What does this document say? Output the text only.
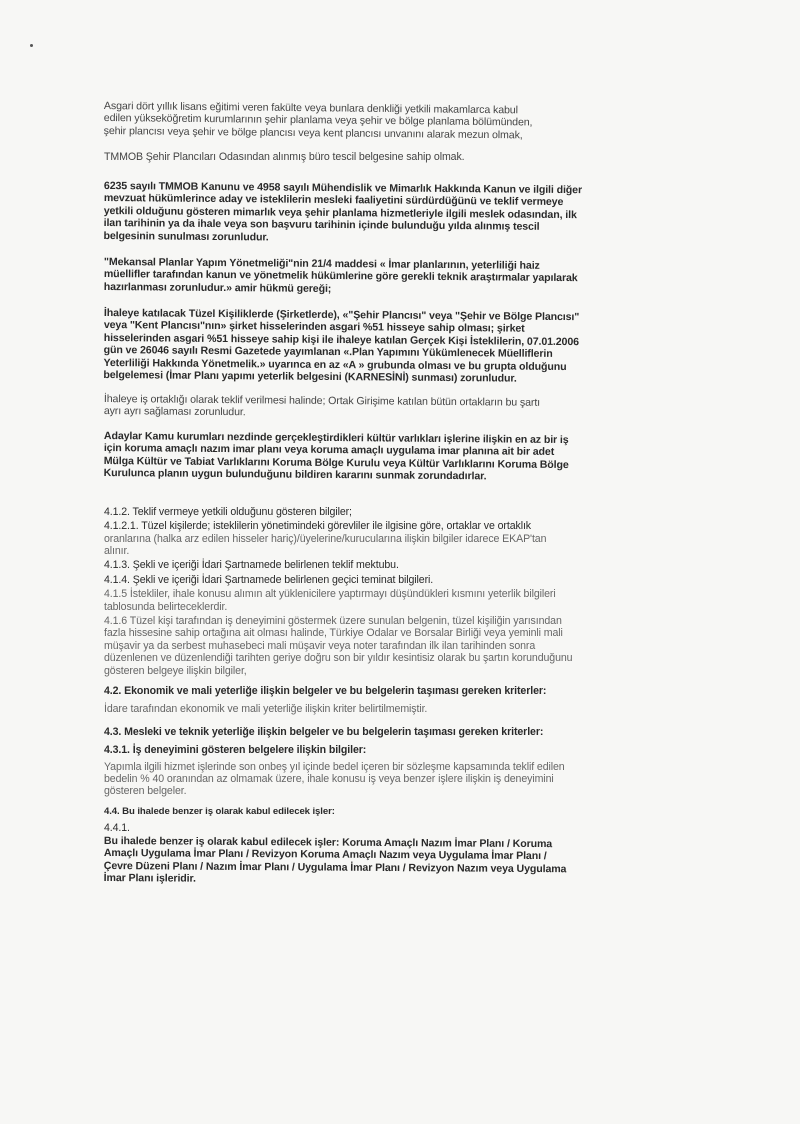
Asgari dört yıllık lisans eğitimi veren fakülte veya bunlara denkliği yetkili makamlarca kabul
edilen yükseköğretim kurumlarının şehir planlama veya şehir ve bölge planlama bölümünden,
şehir plancısı veya şehir ve bölge plancısı veya kent plancısı unvanını alarak mezun olmak,
TMMOB Şehir Plancıları Odasından alınmış büro tescil belgesine sahip olmak.
6235 sayılı TMMOB Kanunu ve 4958 sayılı Mühendislik ve Mimarlık Hakkında Kanun ve ilgili diğer
mevzuat hükümlerince aday ve isteklilerin mesleki faaliyetini sürdürdüğünü ve teklif vermeye
yetkili olduğunu gösteren mimarlık veya şehir planlama hizmetleriyle ilgili meslek odasından, ilk
ilan tarihinin ya da ihale veya son başvuru tarihinin içinde bulunduğu yılda alınmış tescil
belgesinin sunulması zorunludur.
"Mekansal Planlar Yapım Yönetmeliği"nin 21/4 maddesi « İmar planlarının, yeterliliği haiz
müellifler tarafından kanun ve yönetmelik hükümlerine göre gerekli teknik araştırmalar yapılarak
hazırlanması zorunludur.» amir hükmü gereği;
İhaleye katılacak Tüzel Kişiliklerde (Şirketlerde), «"Şehir Plancısı" veya "Şehir ve Bölge Plancısı"
veya "Kent Plancısı"nın» şirket hisselerinden asgari %51 hisseye sahip olması; şirket
hisselerinden asgari %51 hisseye sahip kişi ile ihaleye katılan Gerçek Kişi İsteklilerin, 07.01.2006
gün ve 26046 sayılı Resmi Gazetede yayımlanan «.Plan Yapımını Yükümlenecek Müelliflerin
Yeterliliği Hakkında Yönetmelik.» uyarınca en az «A » grubunda olması ve bu grupta olduğunu
belgelemesi (İmar Planı yapımı yeterlik belgesini (KARNESİNİ) sunması) zorunludur.
İhaleye iş ortaklığı olarak teklif verilmesi halinde; Ortak Girişime katılan bütün ortakların bu şartı
ayrı ayrı sağlaması zorunludur.
Adaylar Kamu kurumları nezdinde gerçekleştirdikleri kültür varlıkları işlerine ilişkin en az bir iş
için koruma amaçlı nazım imar planı veya koruma amaçlı uygulama imar planına ait bir adet
Mülga Kültür ve Tabiat Varlıklarını Koruma Bölge Kurulu veya Kültür Varlıklarını Koruma Bölge
Kurulunca planın uygun bulunduğunu bildiren kararını sunmak zorundadırlar.
4.1.2. Teklif vermeye yetkili olduğunu gösteren bilgiler;
4.1.2.1. Tüzel kişilerde; isteklilerin yönetimindeki görevliler ile ilgisine göre, ortaklar ve ortaklık
oranlarına (halka arz edilen hisseler hariç)/üyelerine/kurucularına ilişkin bilgiler idarece EKAP'tan
alınır.
4.1.3. Şekli ve içeriği İdari Şartnamede belirlenen teklif mektubu.
4.1.4. Şekli ve içeriği İdari Şartnamede belirlenen geçici teminat bilgileri.
4.1.5 İstekliler, ihale konusu alımın alt yüklenicilere yaptırmayı düşündükleri kısmını yeterlik bilgileri
tablosunda belirteceklerdir.
4.1.6 Tüzel kişi tarafından iş deneyimini göstermek üzere sunulan belgenin, tüzel kişiliğin yarısından
fazla hissesine sahip ortağına ait olması halinde, Türkiye Odalar ve Borsalar Birliği veya yeminli mali
müşavir ya da serbest muhasebeci mali müşavir veya noter tarafından ilk ilan tarihinden sonra
düzenlenen ve düzenlendiği tarihten geriye doğru son bir yıldır kesintisiz olarak bu şartın korunduğunu
gösteren belgeye ilişkin bilgiler,
4.2. Ekonomik ve mali yeterliğe ilişkin belgeler ve bu belgelerin taşıması gereken kriterler:
İdare tarafından ekonomik ve mali yeterliğe ilişkin kriter belirtilmemiştir.
4.3. Mesleki ve teknik yeterliğe ilişkin belgeler ve bu belgelerin taşıması gereken kriterler:
4.3.1. İş deneyimini gösteren belgelere ilişkin bilgiler:
Yapımla ilgili hizmet işlerinde son onbeş yıl içinde bedel içeren bir sözleşme kapsamında teklif edilen
bedelin % 40 oranından az olmamak üzere, ihale konusu iş veya benzer işlere ilişkin iş deneyimini
gösteren belgeler.
4.4. Bu ihalede benzer iş olarak kabul edilecek işler:
4.4.1.
Bu ihalede benzer iş olarak kabul edilecek işler: Koruma Amaçlı Nazım İmar Planı / Koruma
Amaçlı Uygulama İmar Planı / Revizyon Koruma Amaçlı Nazım veya Uygulama İmar Planı /
Çevre Düzeni Planı / Nazım İmar Planı / Uygulama İmar Planı / Revizyon Nazım veya Uygulama
İmar Planı işleridir.
